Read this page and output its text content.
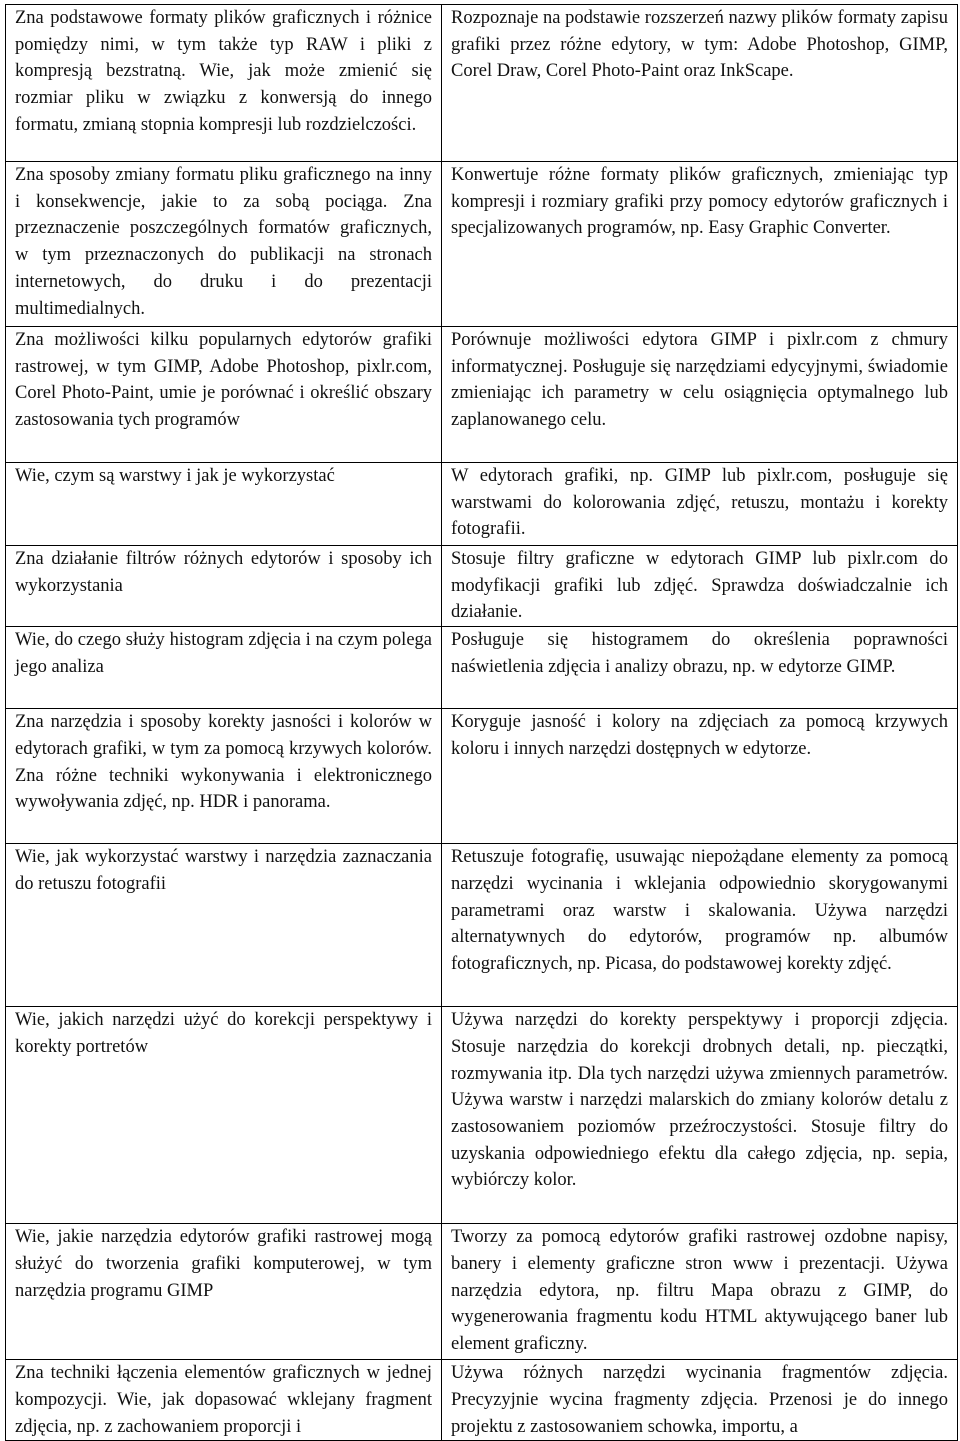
Zna podstawowe formaty plików graficznych i różnice pomiędzy nimi, w tym także typ RAW i pliki z kompresją bezstratną. Wie, jak może zmienić się rozmiar pliku w związku z konwersją do innego formatu, zmianą stopnia kompresji lub rozdzielczości.	Rozpoznaje na podstawie rozszerzeń nazwy plików formaty zapisu grafiki przez różne edytory, w tym: Adobe Photoshop, GIMP, Corel Draw, Corel Photo-Paint oraz InkScape.
Zna sposoby zmiany formatu pliku graficznego na inny i konsekwencje, jakie to za sobą pociąga. Zna przeznaczenie poszczególnych formatów graficznych, w tym przeznaczonych do publikacji na stronach internetowych, do druku i do prezentacji multimedialnych.	Konwertuje różne formaty plików graficznych, zmieniając typ kompresji i rozmiary grafiki przy pomocy edytorów graficznych i specjalizowanych programów, np. Easy Graphic Converter.
Zna możliwości kilku popularnych edytorów grafiki rastrowej, w tym GIMP, Adobe Photoshop, pixlr.com, Corel Photo-Paint, umie je porównać i określić obszary zastosowania tych programów	Porównuje możliwości edytora GIMP i pixlr.com z chmury informatycznej. Posługuje się narzędziami edycyjnymi, świadomie zmieniając ich parametry w celu osiągnięcia optymalnego lub zaplanowanego celu.
Wie, czym są warstwy i jak je wykorzystać	W edytorach grafiki, np. GIMP lub pixlr.com, posługuje się warstwami do kolorowania zdjęć, retuszu, montażu i korekty fotografii.
Zna działanie filtrów różnych edytorów i sposoby ich wykorzystania	Stosuje filtry graficzne w edytorach GIMP lub pixlr.com do modyfikacji grafiki lub zdjęć. Sprawdza doświadczalnie ich działanie.
Wie, do czego służy histogram zdjęcia i na czym polega jego analiza	Posługuje się histogramem do określenia poprawności naświetlenia zdjęcia i analizy obrazu, np. w edytorze GIMP.
Zna narzędzia i sposoby korekty jasności i kolorów w edytorach grafiki, w tym za pomocą krzywych kolorów. Zna różne techniki wykonywania i elektronicznego wywoływania zdjęć, np. HDR i panorama.	Koryguje jasność i kolory na zdjęciach za pomocą krzywych koloru i innych narzędzi dostępnych w edytorze.
Wie, jak wykorzystać warstwy i narzędzia zaznaczania do retuszu fotografii	Retuszuje fotografię, usuwając niepożądane elementy za pomocą narzędzi wycinania i wklejania odpowiednio skorygowanymi parametrami oraz warstw i skalowania. Używa narzędzi alternatywnych do edytorów, programów np. albumów fotograficznych, np. Picasa, do podstawowej korekty zdjęć.
Wie, jakich narzędzi użyć do korekcji perspektywy i korekty portretów	Używa narzędzi do korekty perspektywy i proporcji zdjęcia. Stosuje narzędzia do korekcji drobnych detali, np. pieczątki, rozmywania itp. Dla tych narzędzi używa zmiennych parametrów. Używa warstw i narzędzi malarskich do zmiany kolorów detalu z zastosowaniem poziomów przeźroczystości. Stosuje filtry do uzyskania odpowiedniego efektu dla całego zdjęcia, np. sepia, wybiórczy kolor.
Wie, jakie narzędzia edytorów grafiki rastrowej mogą służyć do tworzenia grafiki komputerowej, w tym narzędzia programu GIMP	Tworzy za pomocą edytorów grafiki rastrowej ozdobne napisy, banery i elementy graficzne stron www i prezentacji. Używa narzędzia edytora, np. filtru Mapa obrazu z GIMP, do wygenerowania fragmentu kodu HTML aktywującego baner lub element graficzny.
Zna techniki łączenia elementów graficznych w jednej kompozycji. Wie, jak dopasować wklejany fragment zdjęcia, np. z zachowaniem proporcji i	Używa różnych narzędzi wycinania fragmentów zdjęcia. Precyzyjnie wycina fragmenty zdjęcia. Przenosi je do innego projektu z zastosowaniem schowka, importu, a
